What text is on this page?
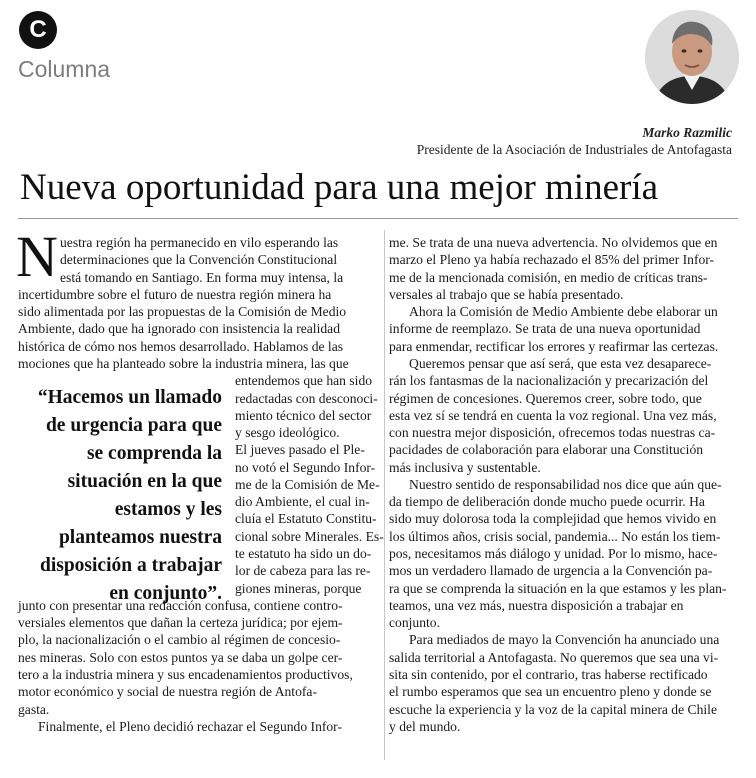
C
Columna
Marko Razmilic
Presidente de la Asociación de Industriales de Antofagasta
Nueva oportunidad para una mejor minería
N uestra región ha permanecido en vilo esperando las
determinaciones que la Convención Constitucional
está tomando en Santiago. En forma muy intensa, la
incertidumbre sobre el futuro de nuestra región minera ha
sido alimentada por las propuestas de la Comisión de Medio
Ambiente, dado que ha ignorado con insistencia la realidad
histórica de cómo nos hemos desarrollado. Hablamos de las
mociones que ha planteado sobre la industria minera, las que
entendemos que han sido
redactadas con desconoci-
miento técnico del sector
y sesgo ideológico.
El jueves pasado el Ple-
no votó el Segundo Infor-
me de la Comisión de Me-
dio Ambiente, el cual in-
cluía el Estatuto Constitu-
cional sobre Minerales. Es-
te estatuto ha sido un do-
lor de cabeza para las re-
giones mineras, porque
junto con presentar una redacción confusa, contiene contro-
versiales elementos que dañan la certeza jurídica; por ejem-
plo, la nacionalización o el cambio al régimen de concesio-
nes mineras. Solo con estos puntos ya se daba un golpe cer-
tero a la industria minera y sus encadenamientos productivos,
motor económico y social de nuestra región de Antofa-
gasta.
Finalmente, el Pleno decidió rechazar el Segundo Infor-
me. Se trata de una nueva advertencia. No olvidemos que en
marzo el Pleno ya había rechazado el 85% del primer Infor-
me de la mencionada comisión, en medio de críticas trans-
versales al trabajo que se había presentado.
Ahora la Comisión de Medio Ambiente debe elaborar un
informe de reemplazo. Se trata de una nueva oportunidad
para enmendar, rectificar los errores y reafirmar las certezas.
Queremos pensar que así será, que esta vez desaparece-
rán los fantasmas de la nacionalización y precarización del
régimen de concesiones. Queremos creer, sobre todo, que
esta vez sí se tendrá en cuenta la voz regional. Una vez más,
con nuestra mejor disposición, ofrecemos todas nuestras ca-
pacidades de colaboración para elaborar una Constitución
más inclusiva y sustentable.
Nuestro sentido de responsabilidad nos dice que aún que-
da tiempo de deliberación donde mucho puede ocurrir. Ha
sido muy dolorosa toda la complejidad que hemos vivido en
los últimos años, crisis social, pandemia... No están los tiem-
pos, necesitamos más diálogo y unidad. Por lo mismo, hace-
mos un verdadero llamado de urgencia a la Convención pa-
ra que se comprenda la situación en la que estamos y les plan-
teamos, una vez más, nuestra disposición a trabajar en
conjunto.
Para mediados de mayo la Convención ha anunciado una
salida territorial a Antofagasta. No queremos que sea una vi-
sita sin contenido, por el contrario, tras haberse rectificado
el rumbo esperamos que sea un encuentro pleno y donde se
escuche la experiencia y la voz de la capital minera de Chile
y del mundo.
“Hacemos un llamado
de urgencia para que
se comprenda la
situación en la que
estamos y les
planteamos nuestra
disposición a trabajar
en conjunto”.
